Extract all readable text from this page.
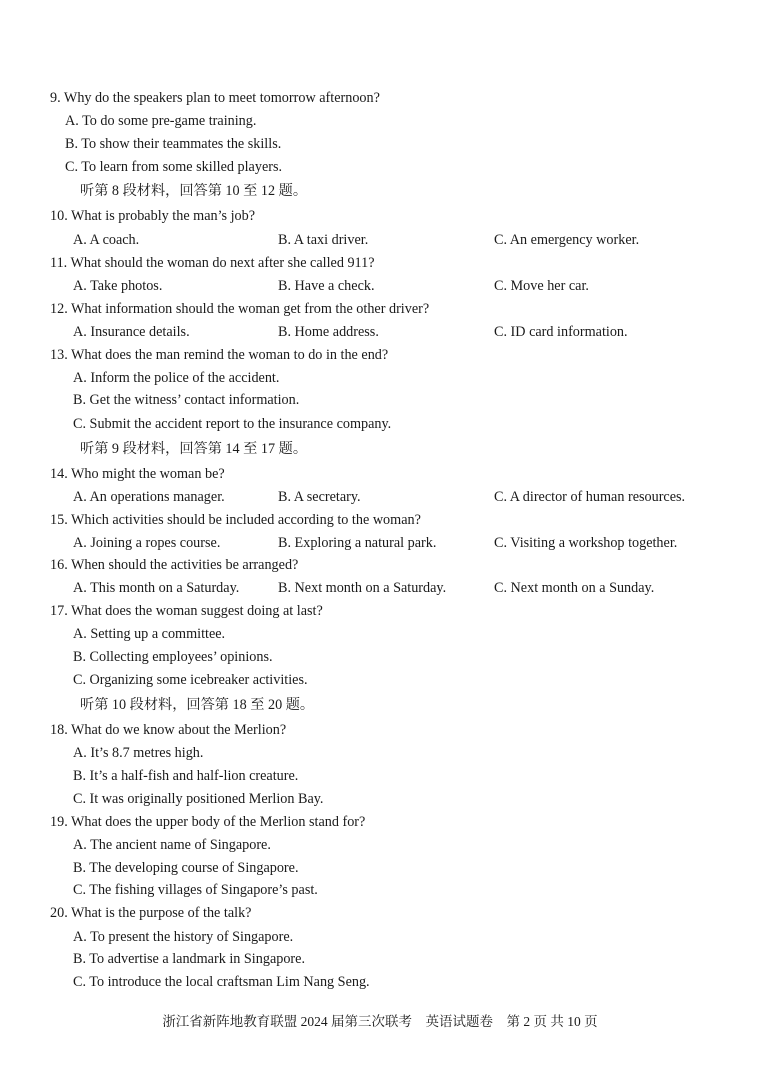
9. Why do the speakers plan to meet tomorrow afternoon?
A. To do some pre-game training.
B. To show their teammates the skills.
C. To learn from some skilled players.
听第 8 段材料，回答第 10 至 12 题。
10. What is probably the man’s job?
A. A coach.	B. A taxi driver.	C. An emergency worker.
11. What should the woman do next after she called 911?
A. Take photos.	B. Have a check.	C. Move her car.
12. What information should the woman get from the other driver?
A. Insurance details.	B. Home address.	C. ID card information.
13. What does the man remind the woman to do in the end?
A. Inform the police of the accident.
B. Get the witness’ contact information.
C. Submit the accident report to the insurance company.
听第 9 段材料，回答第 14 至 17 题。
14. Who might the woman be?
A. An operations manager.	B. A secretary.	C. A director of human resources.
15. Which activities should be included according to the woman?
A. Joining a ropes course.	B. Exploring a natural park.	C. Visiting a workshop together.
16. When should the activities be arranged?
A. This month on a Saturday.	B. Next month on a Saturday.	C. Next month on a Sunday.
17. What does the woman suggest doing at last?
A. Setting up a committee.
B. Collecting employees’ opinions.
C. Organizing some icebreaker activities.
听第 10 段材料，回答第 18 至 20 题。
18. What do we know about the Merlion?
A. It’s 8.7 metres high.
B. It’s a half-fish and half-lion creature.
C. It was originally positioned Merlion Bay.
19. What does the upper body of the Merlion stand for?
A. The ancient name of Singapore.
B. The developing course of Singapore.
C. The fishing villages of Singapore’s past.
20. What is the purpose of the talk?
A. To present the history of Singapore.
B. To advertise a landmark in Singapore.
C. To introduce the local craftsman Lim Nang Seng.
浙江省新阵地教育联盟 2024 届第三次联考　英语试题卷　第 2 页 共 10 页
